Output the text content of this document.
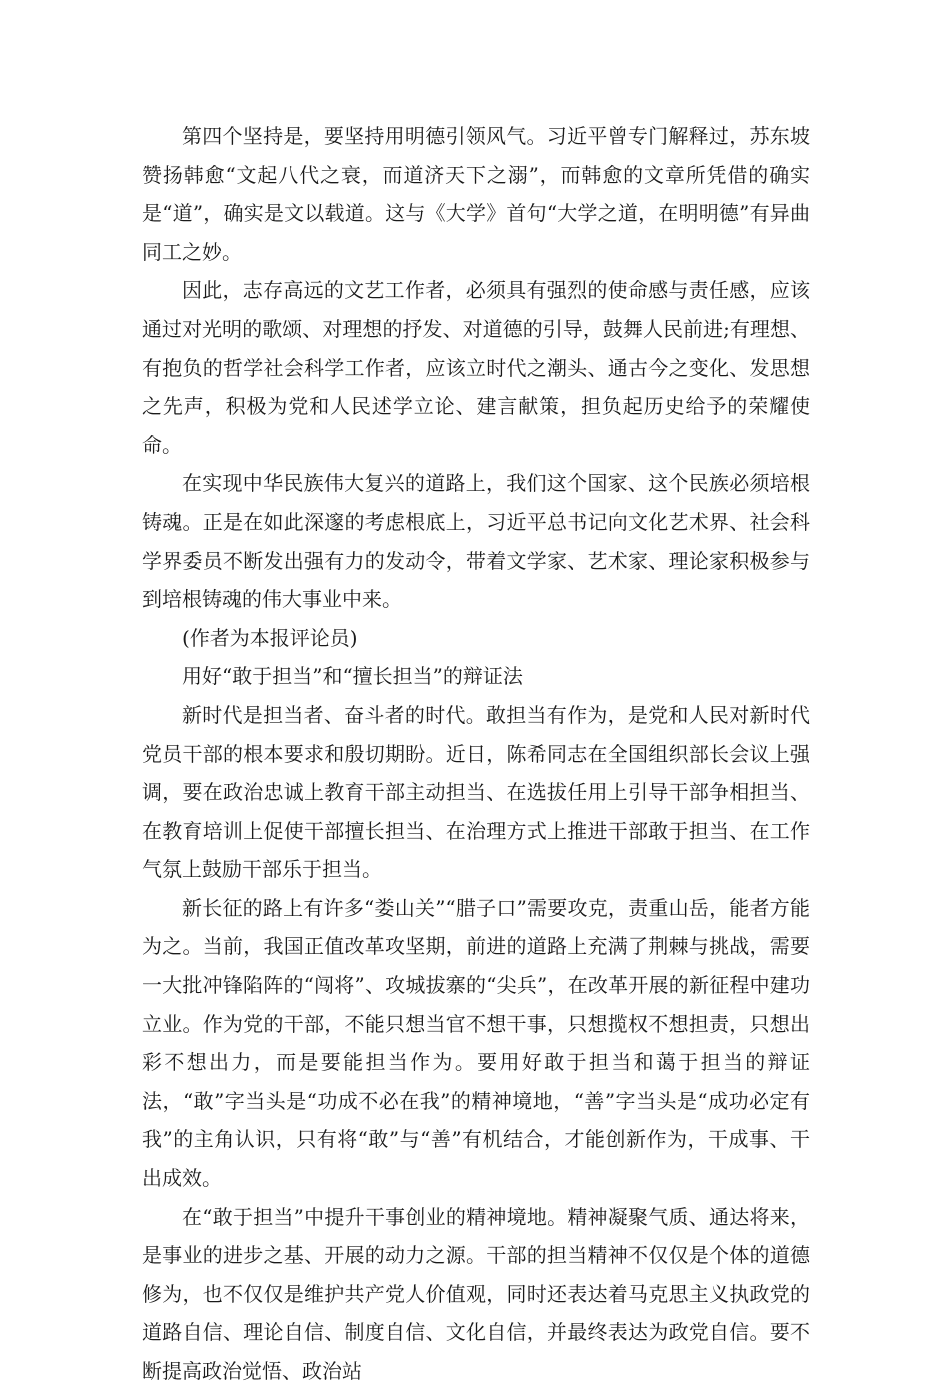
第四个坚持是，要坚持用明德引领风气。习近平曾专门解释过，苏东坡赞扬韩愈“文起八代之衰，而道济天下之溺”，而韩愈的文章所凭借的确实是“道”，确实是文以载道。这与《大学》首句“大学之道，在明明德”有异曲同工之妙。

因此，志存高远的文艺工作者，必须具有强烈的使命感与责任感，应该通过对光明的歌颂、对理想的抒发、对道德的引导，鼓舞人民前进;有理想、有抱负的哲学社会科学工作者，应该立时代之潮头、通古今之变化、发思想之先声，积极为党和人民述学立论、建言献策，担负起历史给予的荣耀使命。

在实现中华民族伟大复兴的道路上，我们这个国家、这个民族必须培根铸魂。正是在如此深邃的考虑根底上，习近平总书记向文化艺术界、社会科学界委员不断发出强有力的发动令，带着文学家、艺术家、理论家积极参与到培根铸魂的伟大事业中来。

(作者为本报评论员)

用好“敢于担当”和“擅长担当”的辩证法

新时代是担当者、奋斗者的时代。敢担当有作为，是党和人民对新时代党员干部的根本要求和殷切期盼。近日，陈希同志在全国组织部长会议上强调，要在政治忠诚上教育干部主动担当、在选拔任用上引导干部争相担当、在教育培训上促使干部擅长担当、在治理方式上推进干部敢于担当、在工作气氛上鼓励干部乐于担当。

新长征的路上有许多“娄山关”“腊子口”需要攻克，责重山岳，能者方能为之。当前，我国正值改革攻坚期，前进的道路上充满了荆棘与挑战，需要一大批冲锋陷阵的“闯将”、攻城拔寨的“尖兵”，在改革开展的新征程中建功立业。作为党的干部，不能只想当官不想干事，只想揽权不想担责，只想出彩不想出力，而是要能担当作为。要用好敢于担当和蔼于担当的辩证法，“敢”字当头是“功成不必在我”的精神境地，“善”字当头是“成功必定有我”的主角认识，只有将“敢”与“善”有机结合，才能创新作为，干成事、干出成效。

在“敢于担当”中提升干事创业的精神境地。精神凝聚气质、通达将来，是事业的进步之基、开展的动力之源。干部的担当精神不仅仅是个体的道德修为，也不仅仅是维护共产党人价值观，同时还表达着马克思主义执政党的道路自信、理论自信、制度自信、文化自信，并最终表达为政党自信。要不断提高政治觉悟、政治站
